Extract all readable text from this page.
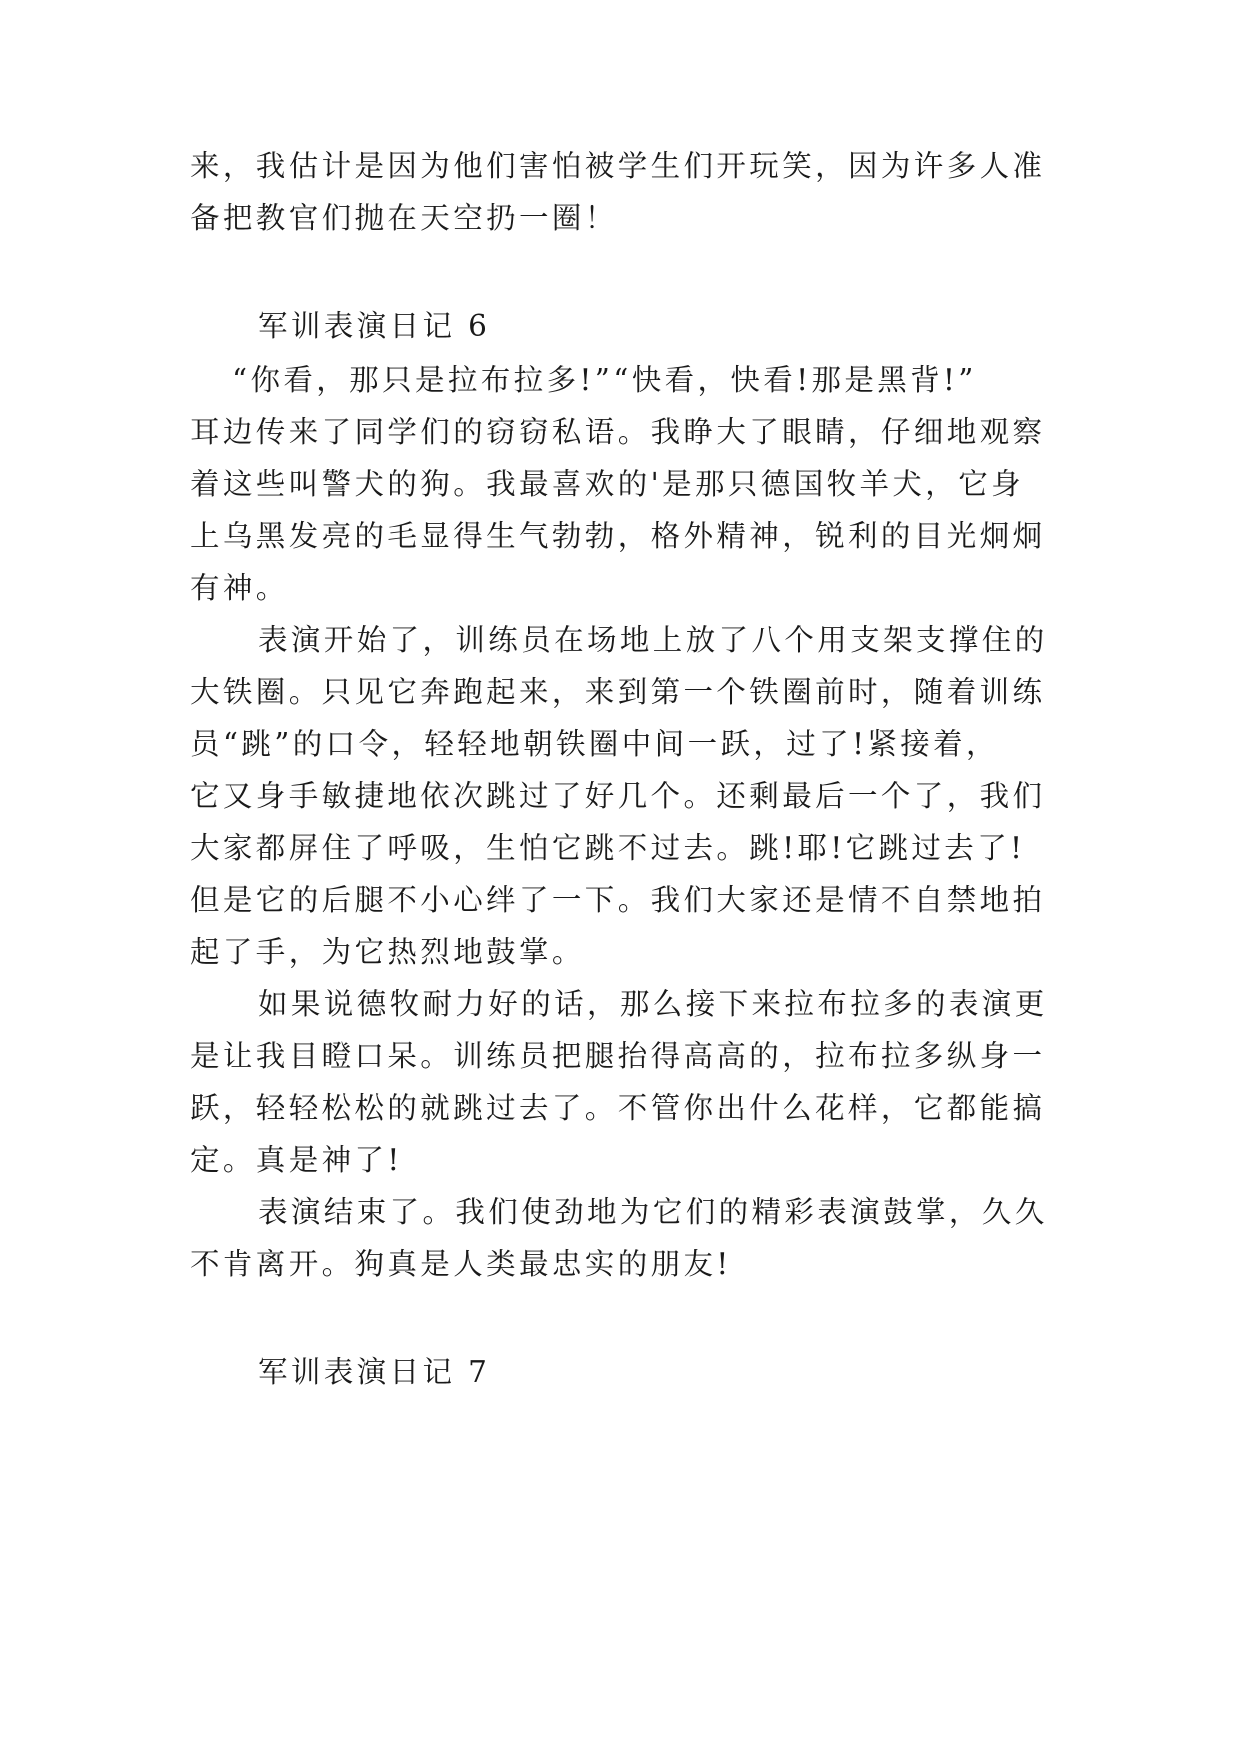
来，我估计是因为他们害怕被学生们开玩笑，因为许多人准
备把教官们抛在天空扔一圈！
军训表演日记 6
“你看，那只是拉布拉多!”“快看，快看!那是黑背!”
耳边传来了同学们的窃窃私语。我睁大了眼睛，仔细地观察
着这些叫警犬的狗。我最喜欢的'是那只德国牧羊犬，它身
上乌黑发亮的毛显得生气勃勃，格外精神，锐利的目光炯炯
有神。
表演开始了，训练员在场地上放了八个用支架支撑住的
大铁圈。只见它奔跑起来，来到第一个铁圈前时，随着训练
员“跳”的口令，轻轻地朝铁圈中间一跃，过了!紧接着，
它又身手敏捷地依次跳过了好几个。还剩最后一个了，我们
大家都屏住了呼吸，生怕它跳不过去。跳!耶!它跳过去了!
但是它的后腿不小心绊了一下。我们大家还是情不自禁地拍
起了手，为它热烈地鼓掌。
如果说德牧耐力好的话，那么接下来拉布拉多的表演更
是让我目瞪口呆。训练员把腿抬得高高的，拉布拉多纵身一
跃，轻轻松松的就跳过去了。不管你出什么花样，它都能搞
定。真是神了!
表演结束了。我们使劲地为它们的精彩表演鼓掌，久久
不肯离开。狗真是人类最忠实的朋友!
军训表演日记 7
